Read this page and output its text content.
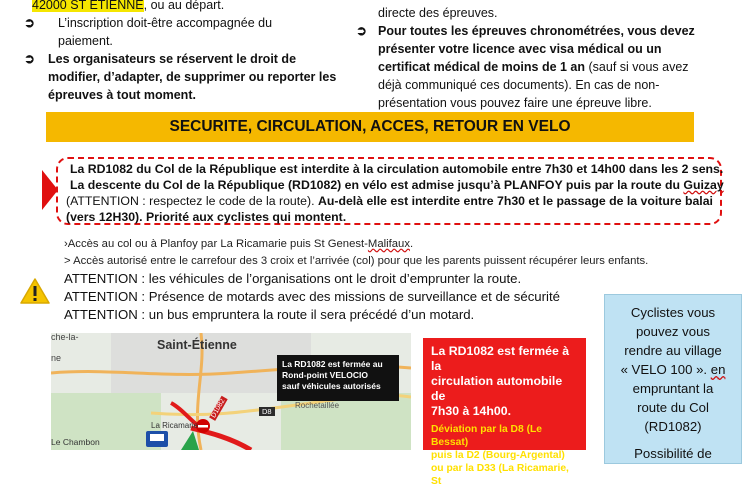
42000 ST ETIENNE, ou au départ.
➲ L’inscription doit-être accompagnée du
paiement.
➲ Les organisateurs se réservent le droit de
modifier, d’adapter, de supprimer ou reporter les
épreuves à tout moment.
directe des épreuves.
➲ Pour toutes les épreuves chronométrées, vous devez
présenter votre licence avec visa médical ou un
certificat médical de moins de 1 an (sauf si vous avez
déjà communiqué ces documents). En cas de non-
présentation vous pouvez faire une épreuve libre.
SECURITE, CIRCULATION, ACCES, RETOUR EN VELO
La RD1082 du Col de la République est interdite à la circulation automobile entre 7h30 et 14h00 dans les 2 sens.
La descente du Col de la République (RD1082) en vélo est admise jusqu’à PLANFOY puis par la route du Guizay
(ATTENTION : respectez le code de la route). Au-delà elle est interdite entre 7h30 et le passage de la voiture balai
(vers 12H30). Priorité aux cyclistes qui montent.
›Accès au col ou à Planfoy par La Ricamarie puis St Genest-Malifaux.
> Accès autorisé entre le carrefour des 3 croix et l’arrivée (col) pour que les parents puissent récupérer leurs enfants.
ATTENTION : les véhicules de l’organisations ont le droit d’emprunter la route.
ATTENTION : Présence de motards avec des missions de surveillance et de sécurité
ATTENTION : un bus empruntera la route il sera précédé d’un motard.
Saint-Étienne
che-la-
ne
Rochetaillée
La Ricamarie
Le Chambon
D8
D1082
La RD1082 est fermée au
Rond-point VELOCIO
sauf véhicules autorisés
La RD1082 est fermée à la
circulation automobile de
7h30 à 14h00.
Déviation par la D8 (Le Bessat)
puis la D2 (Bourg-Argental)
ou par la D33 (La Ricamarie, St
Cyclistes vous
pouvez vous
rendre au village
« VELO 100 ». en
empruntant la
route du Col
(RD1082)
Possibilité de
